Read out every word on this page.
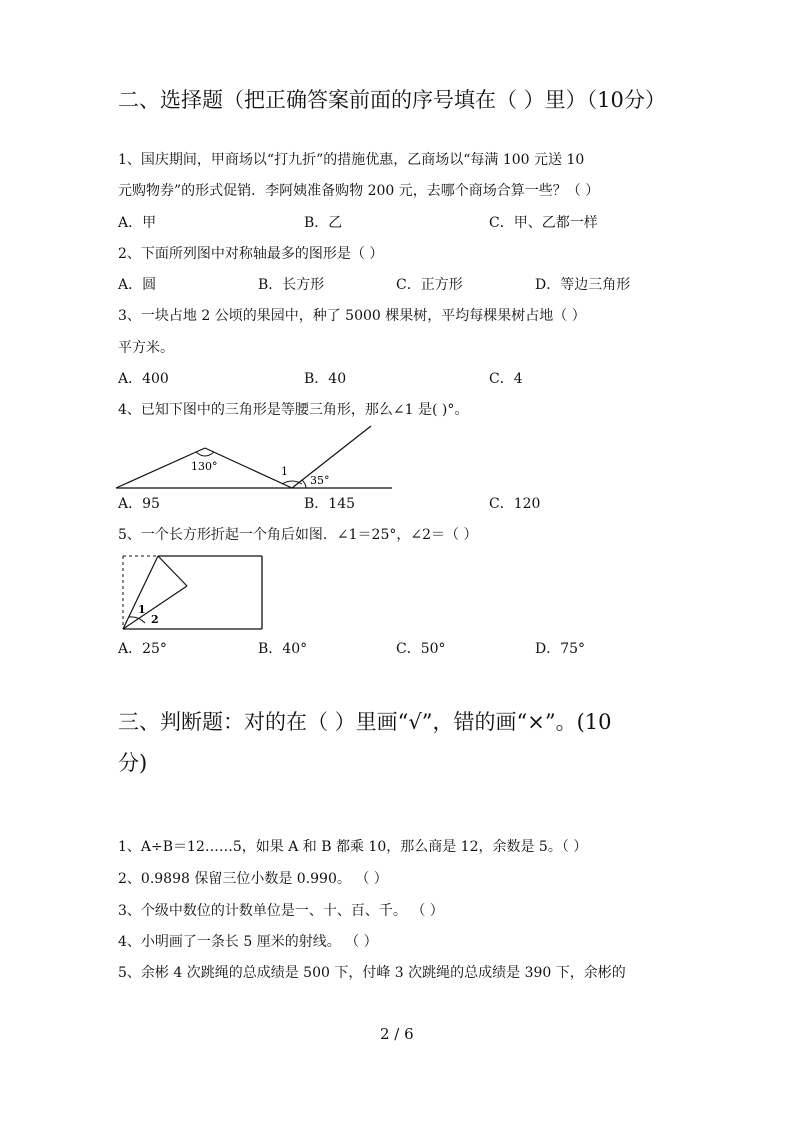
二、选择题（把正确答案前面的序号填在（ ）里）（10分）
1、国庆期间，甲商场以“打九折”的措施优惠，乙商场以“每满 100 元送 10
元购物券”的形式促销．李阿姨准备购物 200 元，去哪个商场合算一些？（ ）
A．甲	B．乙	C．甲、乙都一样
2、下面所列图中对称轴最多的图形是（ ）
A．圆	B．长方形	C．正方形	D．等边三角形
3、一块占地 2 公顷的果园中，种了 5000 棵果树，平均每棵果树占地（ ）
平方米。
A．400	B．40	C．4
4、已知下图中的三角形是等腰三角形，那么∠1 是( )°。
130°	1
35°
A．95	B．145	C．120
5、一个长方形折起一个角后如图．∠1＝25°，∠2＝（ ）
1
2
A．25°	B．40°	C．50°	D．75°
三、判断题：对的在（ ）里画“√”，错的画“×”。(10
分)
1、A÷B＝12……5，如果 A 和 B 都乘 10，那么商是 12，余数是 5。（ ）
2、0.9898 保留三位小数是 0.990。 （ ）
3、个级中数位的计数单位是一、十、百、千。 （ ）
4、小明画了一条长 5 厘米的射线。 （ ）
5、余彬 4 次跳绳的总成绩是 500 下，付峰 3 次跳绳的总成绩是 390 下，余彬的
2 / 6
